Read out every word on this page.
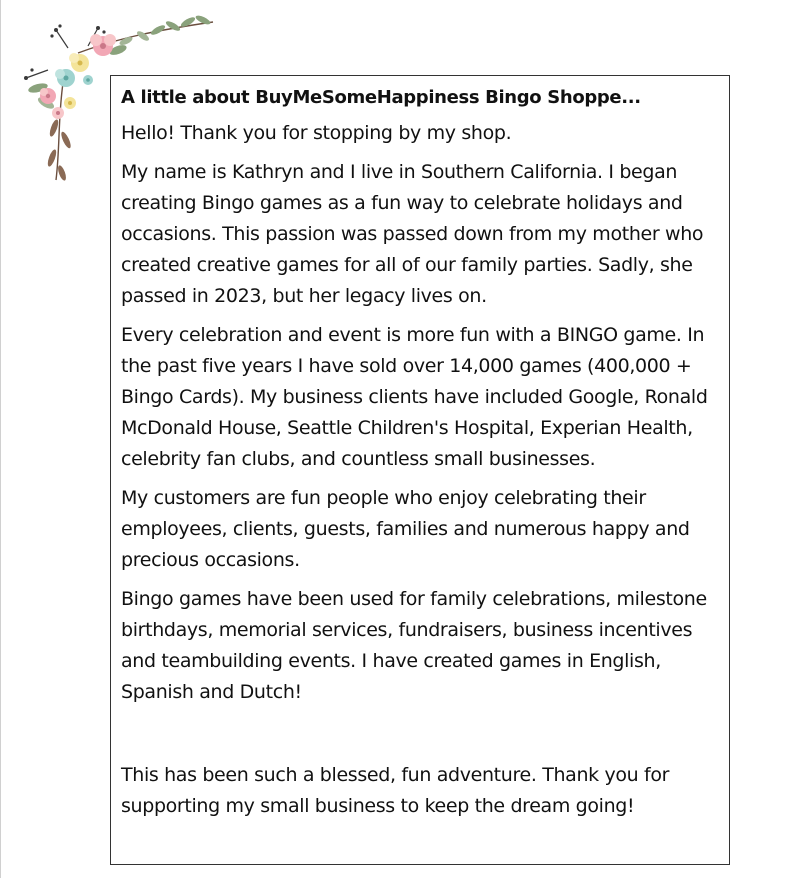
A little about BuyMeSomeHappiness Bingo Shoppe...

Hello! Thank you for stopping by my shop.

My name is Kathryn and I live in Southern California. I began creating Bingo games as a fun way to celebrate holidays and occasions. This passion was passed down from my mother who created creative games for all of our family parties. Sadly, she passed in 2023, but her legacy lives on.

Every celebration and event is more fun with a BINGO game. In the past five years I have sold over 14,000 games (400,000 + Bingo Cards). My business clients have included Google, Ronald McDonald House, Seattle Children's Hospital, Experian Health, celebrity fan clubs, and countless small businesses.

My customers are fun people who enjoy celebrating their employees, clients, guests, families and numerous happy and precious occasions.

Bingo games have been used for family celebrations, milestone birthdays, memorial services, fundraisers, business incentives and teambuilding events. I have created games in English, Spanish and Dutch!

This has been such a blessed, fun adventure. Thank you for supporting my small business to keep the dream going!
